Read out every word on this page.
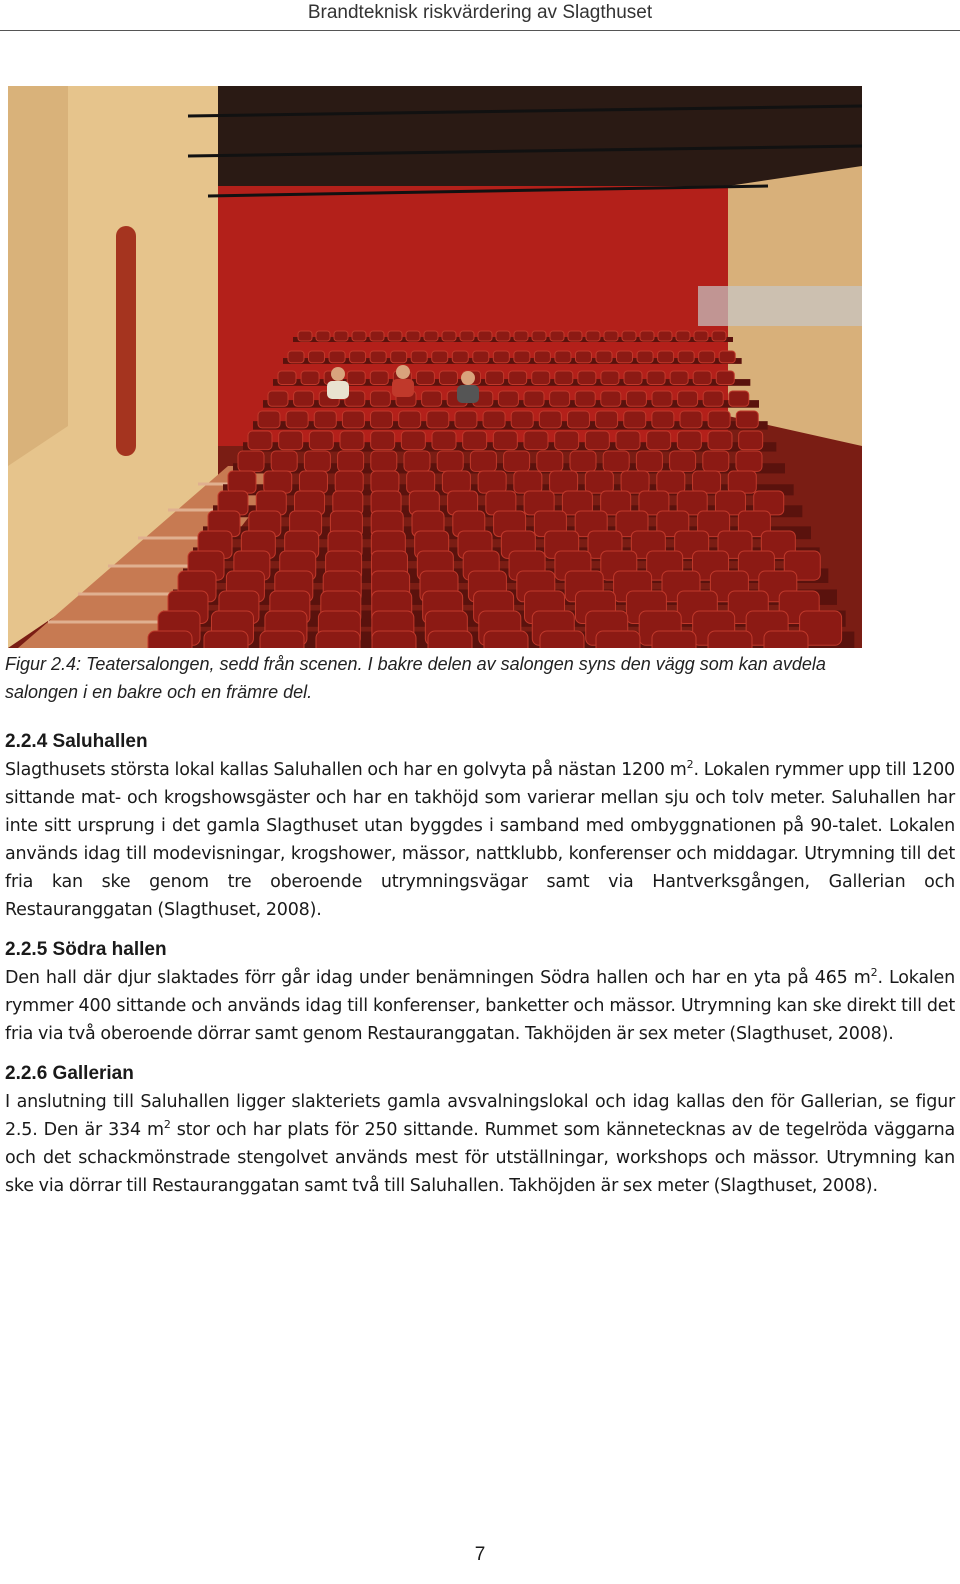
Brandteknisk riskvärdering av Slagthuset
Figur 2.4: Teatersalongen, sedd från scenen. I bakre delen av salongen syns den vägg som kan avdela
salongen i en bakre och en främre del.
2.2.4 Saluhallen

Slagthusets största lokal kallas Saluhallen och har en golvyta på nästan 1200 $m^2$. Lokalen rymmer upp till 1200 sittande mat- och krogshowsgäster och har en takhöjd som varierar mellan sju och tolv meter. Saluhallen har inte sitt ursprung i det gamla Slagthuset utan byggdes i samband med ombyggnationen på 90-talet. Lokalen används idag till modevisningar, krogshower, mässor, nattklubb, konferenser och middagar. Utrymning till det fria kan ske genom tre oberoende utrymningsvägar samt via Hantverksgången, Gallerian och Restauranggatan (Slagthuset, 2008).

2.2.5 Södra hallen

Den hall där djur slaktades förr går idag under benämningen Södra hallen och har en yta på 465 $m^2$. Lokalen rymmer 400 sittande och används idag till konferenser, banketter och mässor. Utrymning kan ske direkt till det fria via två oberoende dörrar samt genom Restauranggatan. Takhöjden är sex meter (Slagthuset, 2008).

2.2.6 Gallerian

I anslutning till Saluhallen ligger slakteriets gamla avsvalningslokal och idag kallas den för Gallerian, se figur 2.5. Den är 334 $m^2$ stor och har plats för 250 sittande. Rummet som kännetecknas av de tegelröda väggarna och det schackmönstrade stengolvet används mest för utställningar, workshops och mässor. Utrymning kan ske via dörrar till Restauranggatan samt två till Saluhallen. Takhöjden är sex meter (Slagthuset, 2008).

7
